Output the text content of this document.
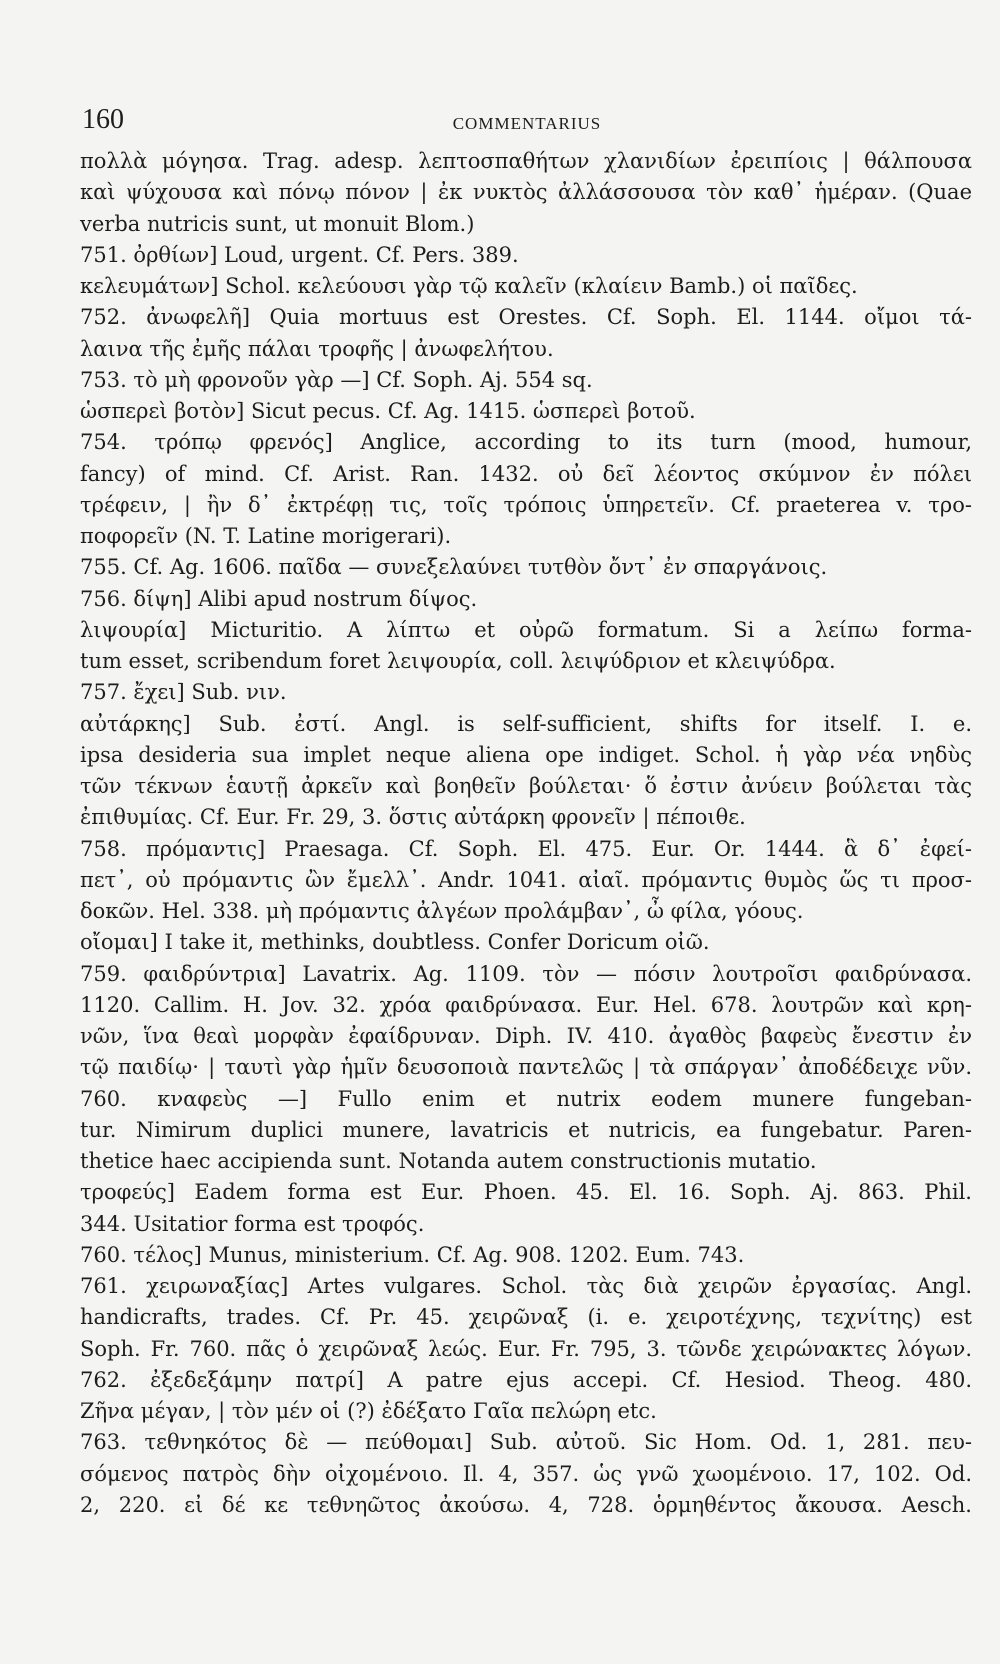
160	COMMENTARIUS
πολλὰ μόγησα. Trag. adesp. λεπτοσπαθήτων χλανιδίων ἐρειπίοις | θάλπουσα
καὶ ψύχουσα καὶ πόνῳ πόνον | ἐκ νυκτὸς ἀλλάσσουσα τὸν καθ᾽ ἡμέραν. (Quae
verba nutricis sunt, ut monuit Blom.)
751. ὀρθίων] Loud, urgent. Cf. Pers. 389.
κελευμάτων] Schol. κελεύουσι γὰρ τῷ καλεῖν (κλαίειν Bamb.) οἱ παῖδες.
752. ἀνωφελῆ] Quia mortuus est Orestes. Cf. Soph. El. 1144. οἴμοι τά-
λαινα τῆς ἐμῆς πάλαι τροφῆς | ἀνωφελήτου.
753. τὸ μὴ φρονοῦν γὰρ —] Cf. Soph. Aj. 554 sq.
ὡσπερεὶ βοτὸν] Sicut pecus. Cf. Ag. 1415. ὡσπερεὶ βοτοῦ.
754. τρόπῳ φρενός] Anglice, according to its turn (mood, humour,
fancy) of mind. Cf. Arist. Ran. 1432. οὐ δεῖ λέοντος σκύμνον ἐν πόλει
τρέφειν, | ἢν δ᾽ ἐκτρέφῃ τις, τοῖς τρόποις ὑπηρετεῖν. Cf. praeterea v. τρο-
ποφορεῖν (N. T. Latine morigerari).
755. Cf. Ag. 1606. παῖδα — συνεξελαύνει τυτθὸν ὄντ᾽ ἐν σπαργάνοις.
756. δίψη] Alibi apud nostrum δίψος.
λιψουρία] Micturitio. A λίπτω et οὐρῶ formatum. Si a λείπω forma-
tum esset, scribendum foret λειψουρία, coll. λειψύδριον et κλειψύδρα.
757. ἔχει] Sub. νιν.
αὐτάρκης] Sub. ἐστί. Angl. is self-sufficient, shifts for itself. I. e.
ipsa desideria sua implet neque aliena ope indiget. Schol. ἡ γὰρ νέα νηδὺς
τῶν τέκνων ἑαυτῇ ἀρκεῖν καὶ βοηθεῖν βούλεται· ὅ ἐστιν ἀνύειν βούλεται τὰς
ἐπιθυμίας. Cf. Eur. Fr. 29, 3. ὅστις αὐτάρκη φρονεῖν | πέποιθε.
758. πρόμαντις] Praesaga. Cf. Soph. El. 475. Eur. Or. 1444. ἃ δ᾽ ἐφεί-
πετ᾽, οὐ πρόμαντις ὢν ἔμελλ᾽. Andr. 1041. αἰαῖ. πρόμαντις θυμὸς ὥς τι προσ-
δοκῶν. Hel. 338. μὴ πρόμαντις ἀλγέων προλάμβαν᾽, ὦ φίλα, γόους.
οἴομαι] I take it, methinks, doubtless. Confer Doricum οἰῶ.
759. φαιδρύντρια] Lavatrix. Ag. 1109. τὸν — πόσιν λουτροῖσι φαιδρύνασα.
1120. Callim. H. Jov. 32. χρόα φαιδρύνασα. Eur. Hel. 678. λουτρῶν καὶ κρη-
νῶν, ἵνα θεαὶ μορφὰν ἐφαίδρυναν. Diph. IV. 410. ἀγαθὸς βαφεὺς ἔνεστιν ἐν
τῷ παιδίῳ· | ταυτὶ γὰρ ἡμῖν δευσοποιὰ παντελῶς | τὰ σπάργαν᾽ ἀποδέδειχε νῦν.
760. κναφεὺς —] Fullo enim et nutrix eodem munere fungeban-
tur. Nimirum duplici munere, lavatricis et nutricis, ea fungebatur. Paren-
thetice haec accipienda sunt. Notanda autem constructionis mutatio.
τροφεύς] Eadem forma est Eur. Phoen. 45. El. 16. Soph. Aj. 863. Phil.
344. Usitatior forma est τροφός.
760. τέλος] Munus, ministerium. Cf. Ag. 908. 1202. Eum. 743.
761. χειρωναξίας] Artes vulgares. Schol. τὰς διὰ χειρῶν ἐργασίας. Angl.
handicrafts, trades. Cf. Pr. 45. χειρῶναξ (i. e. χειροτέχνης, τεχνίτης) est
Soph. Fr. 760. πᾶς ὁ χειρῶναξ λεώς. Eur. Fr. 795, 3. τῶνδε χειρώνακτες λόγων.
762. ἐξεδεξάμην πατρί] A patre ejus accepi. Cf. Hesiod. Theog. 480.
Ζῆνα μέγαν, | τὸν μέν οἱ (?) ἐδέξατο Γαῖα πελώρη etc.
763. τεθνηκότος δὲ — πεύθομαι] Sub. αὐτοῦ. Sic Hom. Od. 1, 281. πευ-
σόμενος πατρὸς δὴν οἰχομένοιο. Il. 4, 357. ὡς γνῶ χωομένοιο. 17, 102. Od.
2, 220. εἰ δέ κε τεθνηῶτος ἀκούσω. 4, 728. ὁρμηθέντος ἄκουσα. Aesch.
